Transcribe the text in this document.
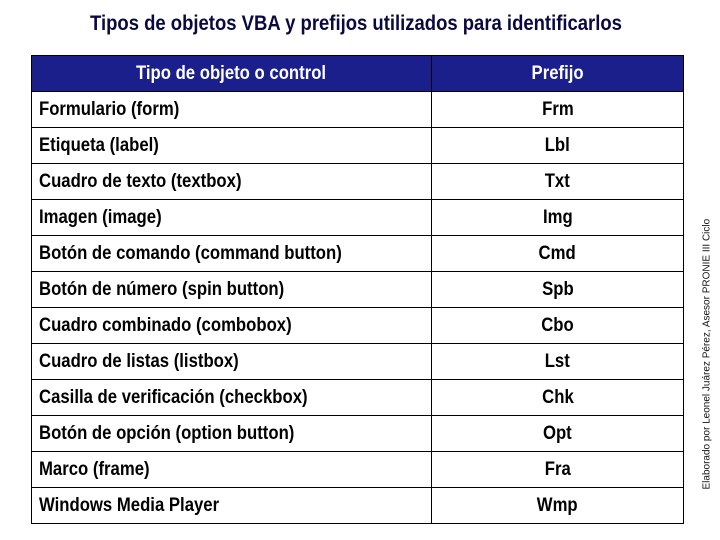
Tipos de objetos VBA y prefijos utilizados para identificarlos
Tipo de objeto o control	Prefijo
Formulario (form)	Frm
Etiqueta (label)	Lbl
Cuadro de texto (textbox)	Txt
Imagen (image)	Img
Botón de comando (command button)	Cmd
Botón de número (spin button)	Spb
Cuadro combinado (combobox)	Cbo
Cuadro de listas (listbox)	Lst
Casilla de verificación (checkbox)	Chk
Botón de opción (option button)	Opt
Marco (frame)	Fra
Windows Media Player	Wmp
Elaborado por Leonel Juárez Pérez, Asesor PRONIE III Ciclo
